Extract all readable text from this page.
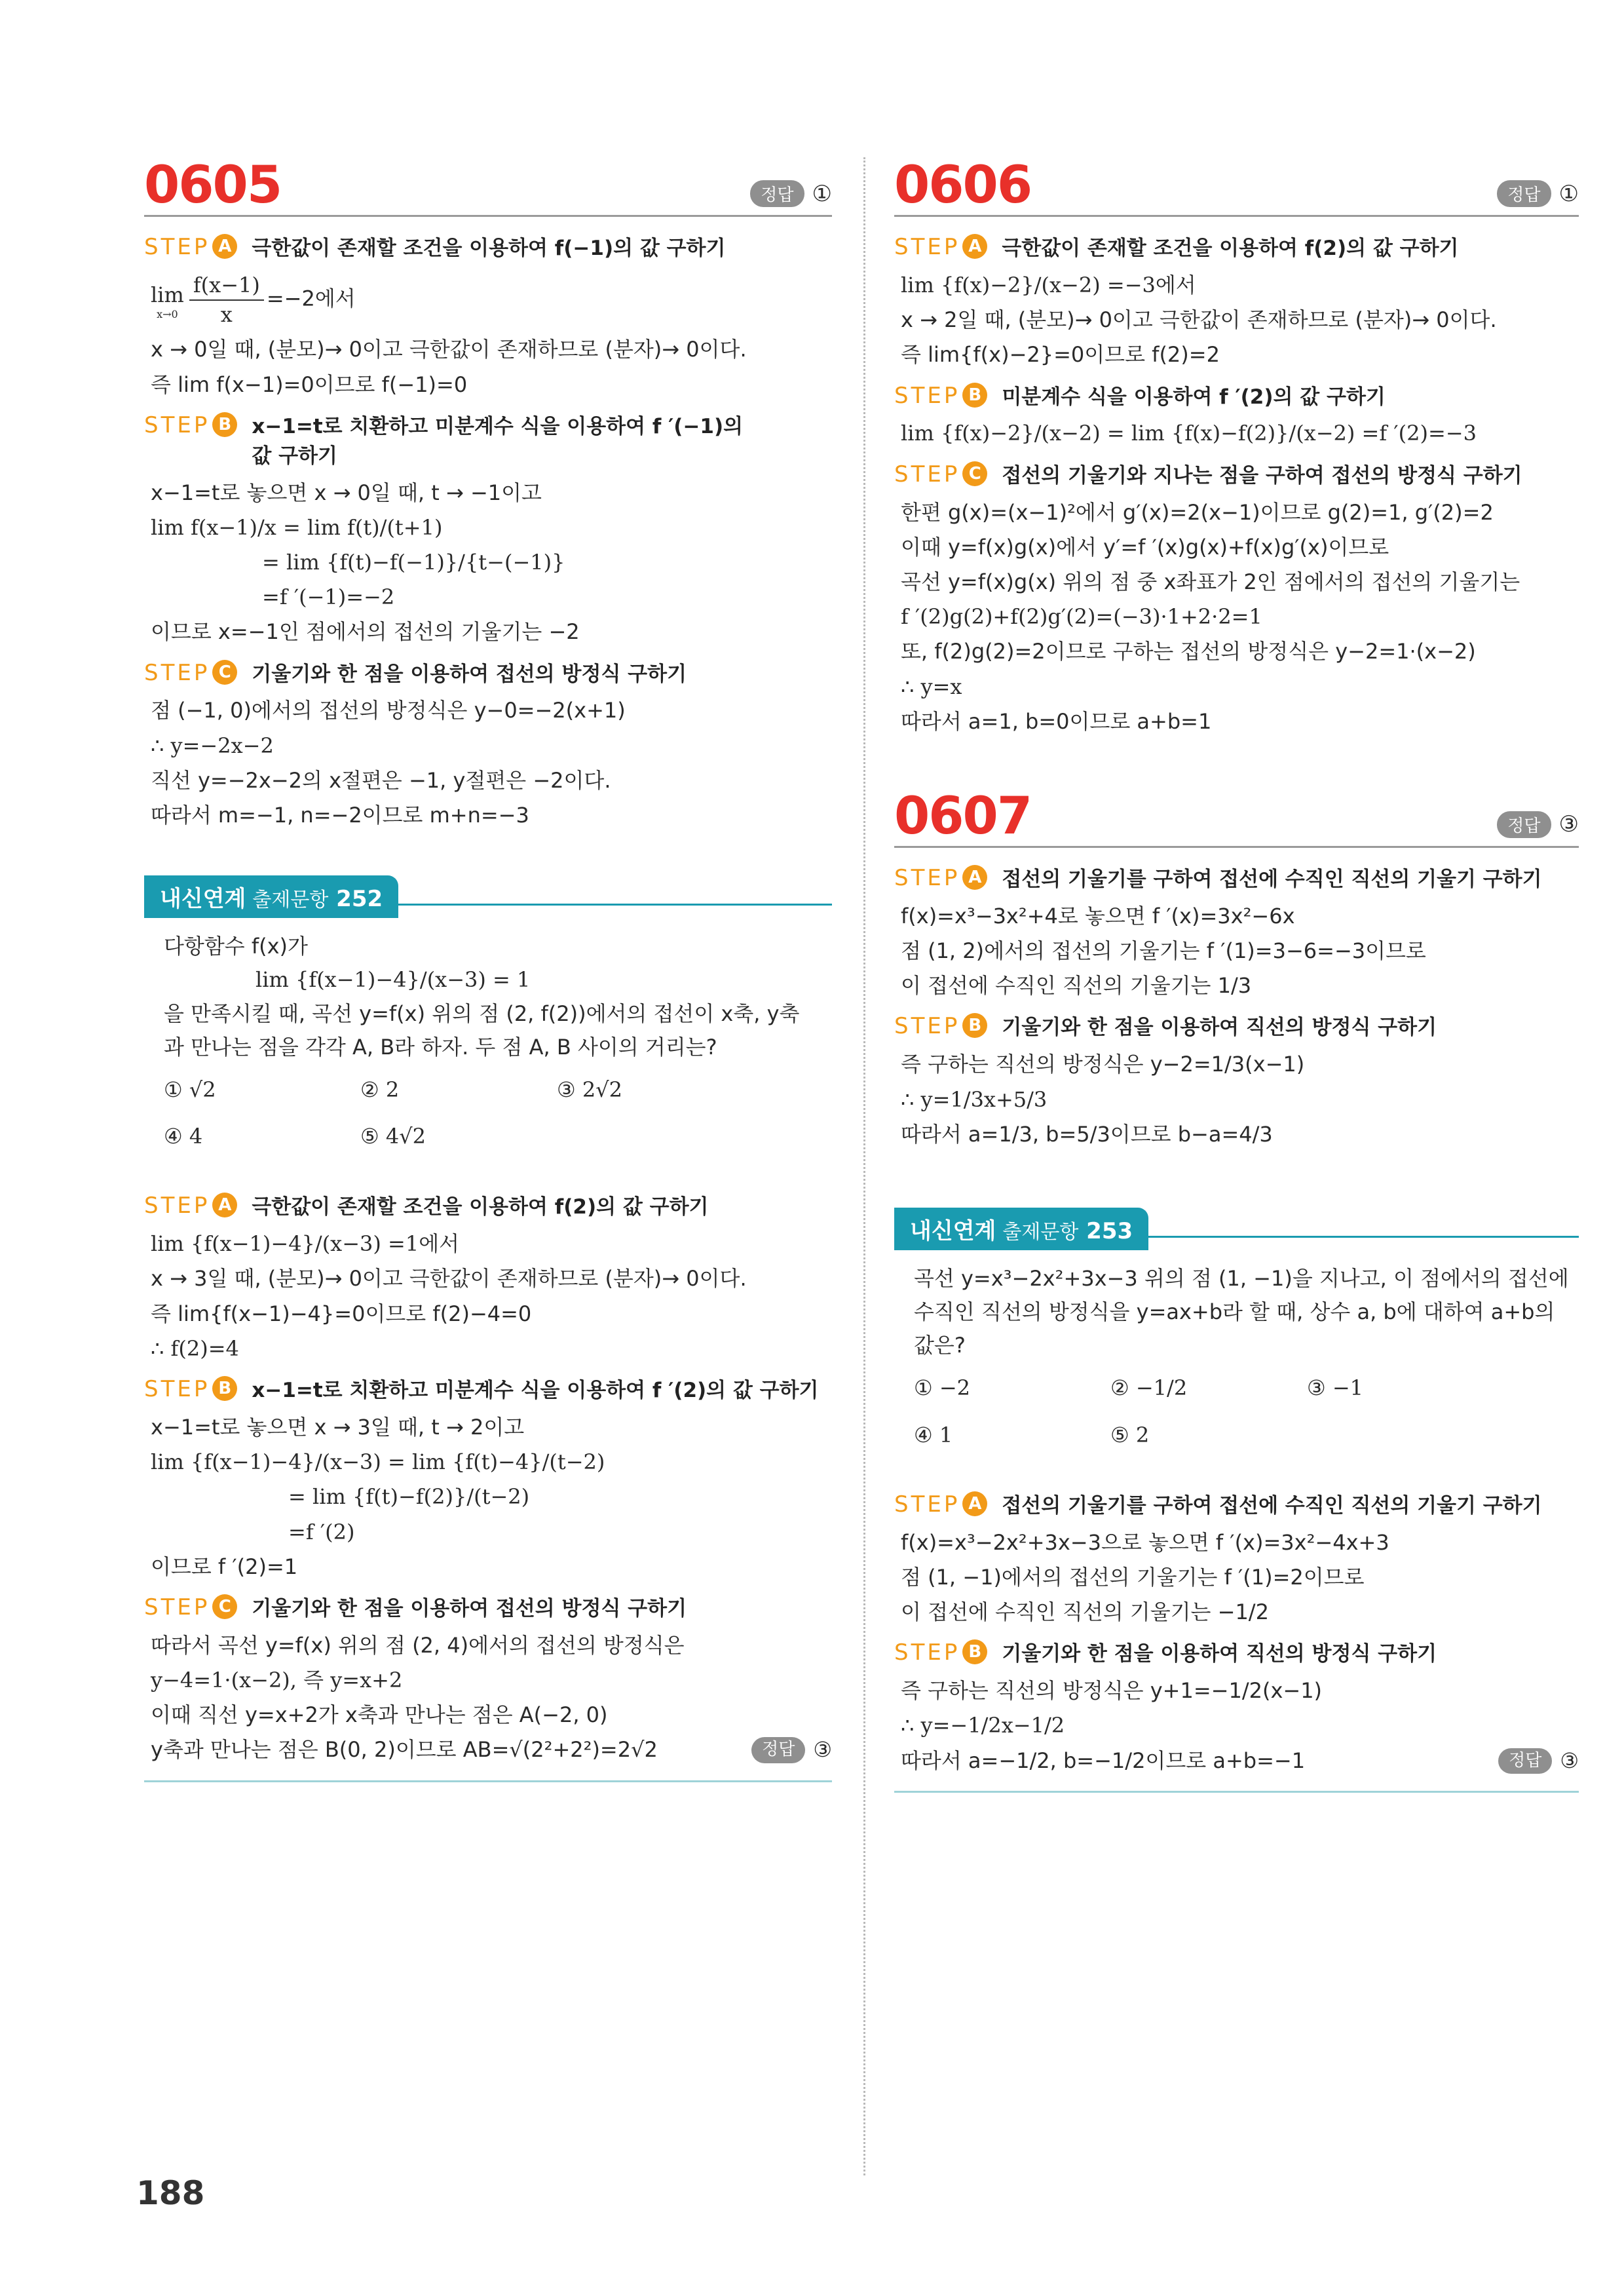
0605	정답 ①
STEP A 극한값이 존재할 조건을 이용하여 f(−1)의 값 구하기
lim
$x\to 0 \frac{f(x-1)}{x} =-2$에서
x → 0일 때, (분모)→ 0이고 극한값이 존재하므로 (분자)→ 0이다.
즉 lim f(x−1)=0이므로 f(−1)=0
STEP B x−1=t로 치환하고 미분계수 식을 이용하여 f ′(−1)의 값 구하기
x−1=t로 놓으면 x → 0일 때, t → −1이고
lim f(x−1)/x = lim f(t)/(t+1)
= lim {f(t)−f(−1)}/{t−(−1)}
=f ′(−1)=−2
이므로 x=−1인 점에서의 접선의 기울기는 −2
STEP C	기울기와 한 점을 이용하여 접선의 방정식 구하기
점 (−1, 0)에서의 접선의 방정식은 y−0=−2(x+1)
∴ y=−2x−2
직선 y=−2x−2의 x절편은 −1, y절편은 −2이다.
따라서 m=−1, n=−2이므로 m+n=−3
내신연계 출제문항 252
다항함수 f(x)가
lim {f(x−1)−4}/(x−3) = 1
을 만족시킬 때, 곡선 y=f(x) 위의 점 (2, f(2))에서의 접선이 x축, y축
과 만나는 점을 각각 A, B라 하자. 두 점 A, B 사이의 거리는?
① √2	② 2	③ 2√2
④ 4	⑤ 4√2
STEP A 극한값이 존재할 조건을 이용하여 f(2)의 값 구하기
lim {f(x−1)−4}/(x−3) =1에서
x → 3일 때, (분모)→ 0이고 극한값이 존재하므로 (분자)→ 0이다.
즉 lim{f(x−1)−4}=0이므로 f(2)−4=0
∴ f(2)=4
STEP B x−1=t로 치환하고 미분계수 식을 이용하여 f ′(2)의 값 구하기
x−1=t로 놓으면 x → 3일 때, t → 2이고
lim {f(x−1)−4}/(x−3) = lim {f(t)−4}/(t−2)
= lim {f(t)−f(2)}/(t−2)
=f ′(2)
이므로 f ′(2)=1
STEP C	기울기와 한 점을 이용하여 접선의 방정식 구하기
따라서 곡선 y=f(x) 위의 점 (2, 4)에서의 접선의 방정식은
y−4=1·(x−2), 즉 y=x+2
이때 직선 y=x+2가 x축과 만나는 점은 A(−2, 0)
y축과 만나는 점은 B(0, 2)이므로 AB=√(2²+2²)=2√2	정답 ③
0606	정답 ①
STEP A 극한값이 존재할 조건을 이용하여 f(2)의 값 구하기
lim {f(x)−2}/(x−2) =−3에서
x → 2일 때, (분모)→ 0이고 극한값이 존재하므로 (분자)→ 0이다.
즉 lim{f(x)−2}=0이므로 f(2)=2
STEP B 미분계수 식을 이용하여 f ′(2)의 값 구하기
lim {f(x)−2}/(x−2) = lim {f(x)−f(2)}/(x−2) =f ′(2)=−3
STEP C	접선의 기울기와 지나는 점을 구하여 접선의 방정식 구하기
한편 g(x)=(x−1)²에서 g′(x)=2(x−1)이므로 g(2)=1, g′(2)=2
이때 y=f(x)g(x)에서 y′=f ′(x)g(x)+f(x)g′(x)이므로
곡선 y=f(x)g(x) 위의 점 중 x좌표가 2인 점에서의 접선의 기울기는
f ′(2)g(2)+f(2)g′(2)=(−3)·1+2·2=1
또, f(2)g(2)=2이므로 구하는 접선의 방정식은 y−2=1·(x−2)
∴ y=x
따라서 a=1, b=0이므로 a+b=1
0607	정답 ③
STEP A 접선의 기울기를 구하여 접선에 수직인 직선의 기울기 구하기
f(x)=x³−3x²+4로 놓으면 f ′(x)=3x²−6x
점 (1, 2)에서의 접선의 기울기는 f ′(1)=3−6=−3이므로
이 접선에 수직인 직선의 기울기는 1/3
STEP B 기울기와 한 점을 이용하여 직선의 방정식 구하기
즉 구하는 직선의 방정식은 y−2=1/3(x−1)
∴ y=1/3x+5/3
따라서 a=1/3, b=5/3이므로 b−a=4/3
내신연계 출제문항 253
곡선 y=x³−2x²+3x−3 위의 점 (1, −1)을 지나고, 이 점에서의 접선에
수직인 직선의 방정식을 y=ax+b라 할 때, 상수 a, b에 대하여 a+b의
값은?
① −2	② −1/2	③ −1
④ 1	⑤ 2
STEP A 접선의 기울기를 구하여 접선에 수직인 직선의 기울기 구하기
f(x)=x³−2x²+3x−3으로 놓으면 f ′(x)=3x²−4x+3
점 (1, −1)에서의 접선의 기울기는 f ′(1)=2이므로
이 접선에 수직인 직선의 기울기는 −1/2
STEP B 기울기와 한 점을 이용하여 직선의 방정식 구하기
즉 구하는 직선의 방정식은 y+1=−1/2(x−1)
∴ y=−1/2x−1/2
따라서 a=−1/2, b=−1/2이므로 a+b=−1	정답 ③
188
